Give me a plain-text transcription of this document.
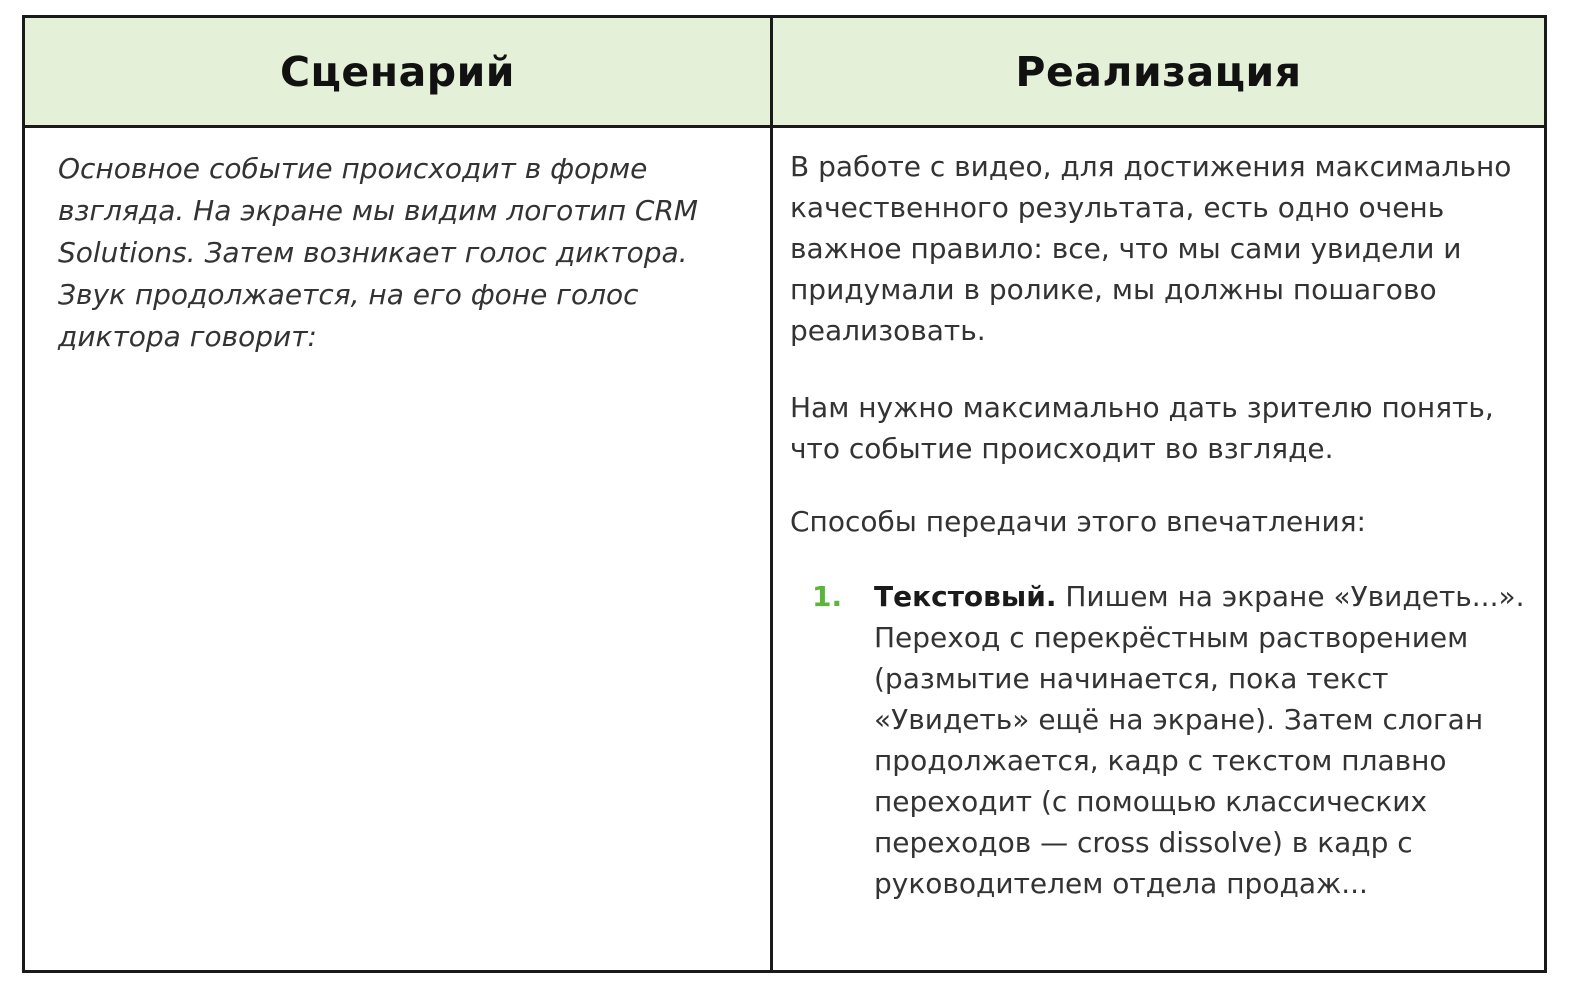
Сценарий	Реализация

Основное событие происходит в форме взгляда. На экране мы видим логотип CRM Solutions. Затем возникает голос диктора. Звук продолжается, на его фоне голос диктора говорит:

В работе с видео, для достижения максимально качественного результата, есть одно очень важное правило: все, что мы сами увидели и придумали в ролике, мы должны пошагово реализовать.

Нам нужно максимально дать зрителю понять, что событие происходит во взгляде.

Способы передачи этого впечатления:

1. Текстовый. Пишем на экране «Увидеть...». Переход с перекрёстным растворением (размытие начинается, пока текст «Увидеть» ещё на экране). Затем слоган продолжается, кадр с текстом плавно переходит (с помощью классических переходов — cross dissolve) в кадр с руководителем отдела продаж...
